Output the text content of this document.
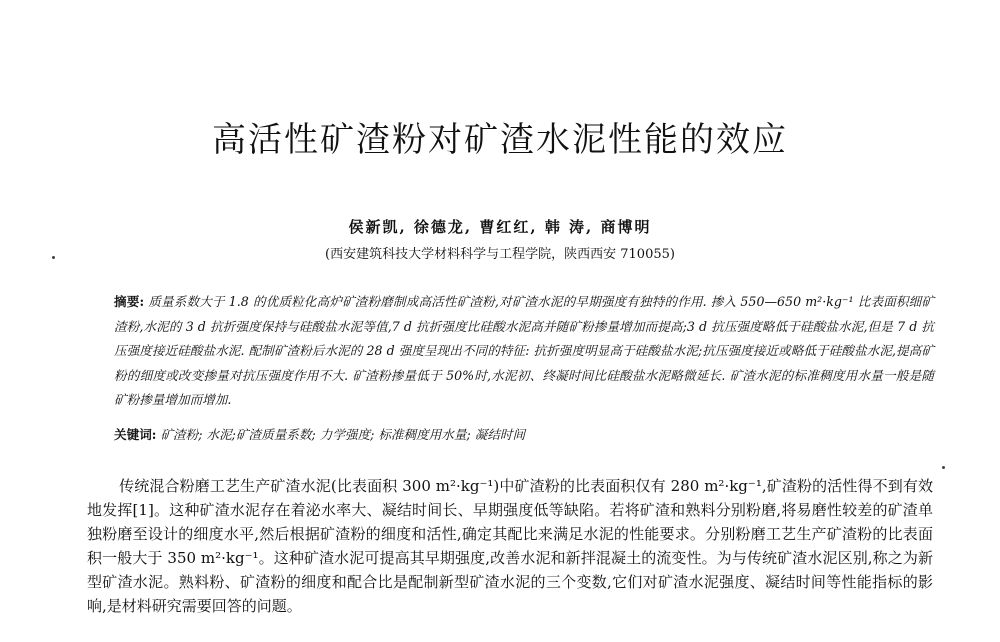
高活性矿渣粉对矿渣水泥性能的效应
侯新凯, 徐德龙, 曹红红, 韩 涛, 商博明
(西安建筑科技大学材料科学与工程学院，陕西西安 710055)
摘要: 质量系数大于 1.8 的优质粒化高炉矿渣粉磨制成高活性矿渣粉,对矿渣水泥的早期强度有独特的作用. 掺入 550—650 m²·kg⁻¹ 比表面积细矿渣粉,水泥的 3 d 抗折强度保持与硅酸盐水泥等值,7 d 抗折强度比硅酸水泥高并随矿粉掺量增加而提高;3 d 抗压强度略低于硅酸盐水泥,但是 7 d 抗压强度接近硅酸盐水泥. 配制矿渣粉后水泥的 28 d 强度呈现出不同的特征: 抗折强度明显高于硅酸盐水泥;抗压强度接近或略低于硅酸盐水泥,提高矿粉的细度或改变掺量对抗压强度作用不大. 矿渣粉掺量低于 50%时,水泥初、终凝时间比硅酸盐水泥略微延长. 矿渣水泥的标准稠度用水量一般是随矿粉掺量增加而增加.
关键词: 矿渣粉; 水泥;矿渣质量系数; 力学强度; 标准稠度用水量; 凝结时间
传统混合粉磨工艺生产矿渣水泥(比表面积 300 m²·kg⁻¹)中矿渣粉的比表面积仅有 280 m²·kg⁻¹,矿渣粉的活性得不到有效地发挥[1]。这种矿渣水泥存在着泌水率大、凝结时间长、早期强度低等缺陷。若将矿渣和熟料分别粉磨,将易磨性较差的矿渣单独粉磨至设计的细度水平,然后根据矿渣粉的细度和活性,确定其配比来满足水泥的性能要求。分别粉磨工艺生产矿渣粉的比表面积一般大于 350 m²·kg⁻¹。这种矿渣水泥可提高其早期强度,改善水泥和新拌混凝土的流变性。为与传统矿渣水泥区别,称之为新型矿渣水泥。熟料粉、矿渣粉的细度和配合比是配制新型矿渣水泥的三个变数,它们对矿渣水泥强度、凝结时间等性能指标的影响,是材料研究需要回答的问题。
